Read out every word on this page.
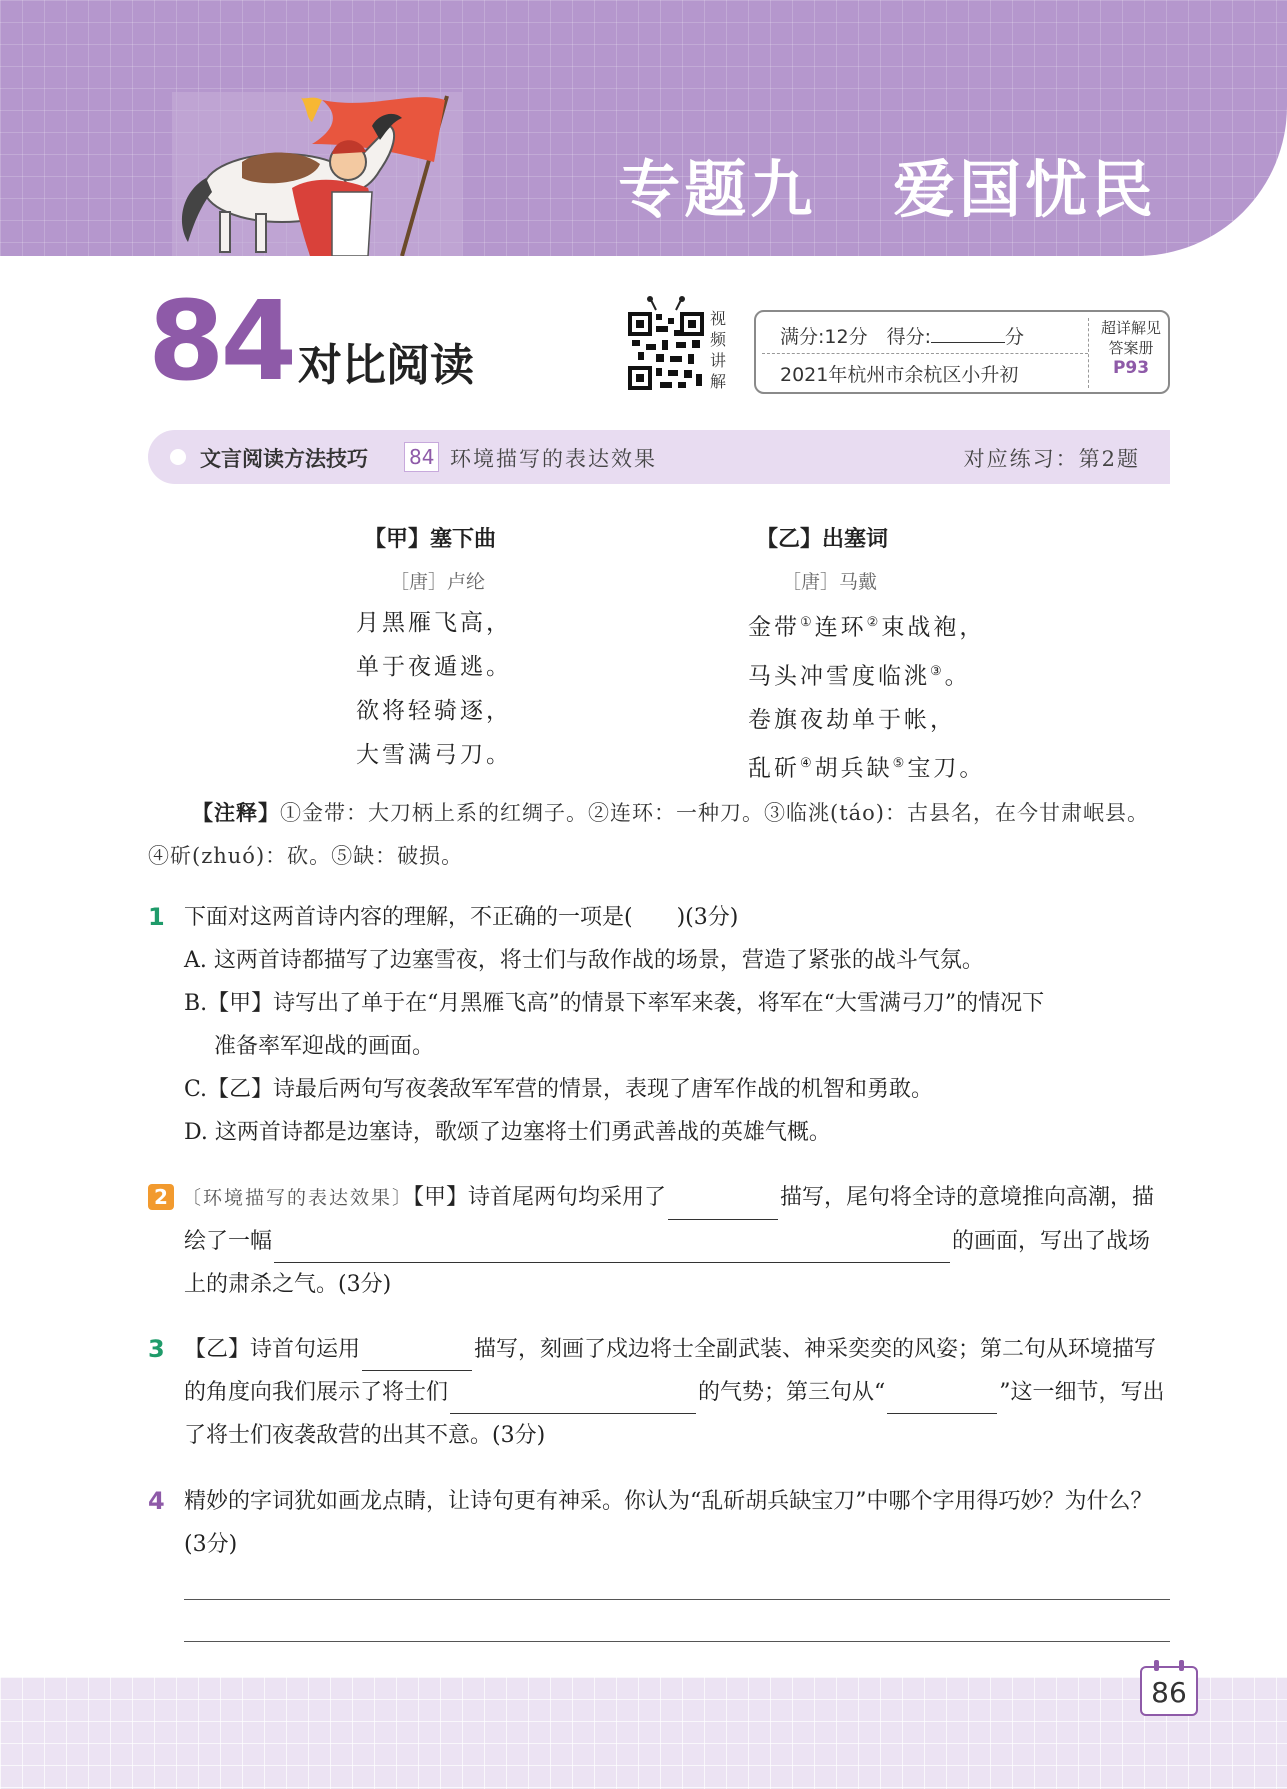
专题九   爱国忧民
84 对比阅读
视频讲解
满分:12分　 得分:	分
2021年杭州市余杭区小升初
超详解见
答案册
P93
文言阅读方法技巧 84 环境描写的表达效果	对应练习：第2题
【甲】塞下曲
［唐］卢纶
月黑雁飞高，
单于夜遁逃。
欲将轻骑逐，
大雪满弓刀。
【乙】出塞词
［唐］马戴
金带①连环②束战袍，
马头冲雪度临洮③。
卷旗夜劫单于帐，
乱斫④胡兵缺⑤宝刀。
【注释】①金带：大刀柄上系的红绸子。②连环：一种刀。③临洮(táo)：古县名，在今甘肃岷县。④斫(zhuó)：砍。⑤缺：破损。
1 下面对这两首诗内容的理解，不正确的一项是(　　)(3分)
A. 这两首诗都描写了边塞雪夜，将士们与敌作战的场景，营造了紧张的战斗气氛。
B.【甲】诗写出了单于在“月黑雁飞高”的情景下率军来袭，将军在“大雪满弓刀”的情况下
准备率军迎战的画面。
C.【乙】诗最后两句写夜袭敌军军营的情景，表现了唐军作战的机智和勇敢。
D. 这两首诗都是边塞诗，歌颂了边塞将士们勇武善战的英雄气概。
2 〔环境描写的表达效果〕【甲】诗首尾两句均采用了	描写，尾句将全诗的意境推向高潮，描绘了一幅	的画面，写出了战场上的肃杀之气。(3分)
3 【乙】诗首句运用	描写，刻画了戍边将士全副武装、神采奕奕的风姿；第二句从环境描写的角度向我们展示了将士们	的气势；第三句从“	”这一细节，写出了将士们夜袭敌营的出其不意。(3分)
4 精妙的字词犹如画龙点睛，让诗句更有神采。你认为“乱斫胡兵缺宝刀”中哪个字用得巧妙？为什么？(3分)
86
